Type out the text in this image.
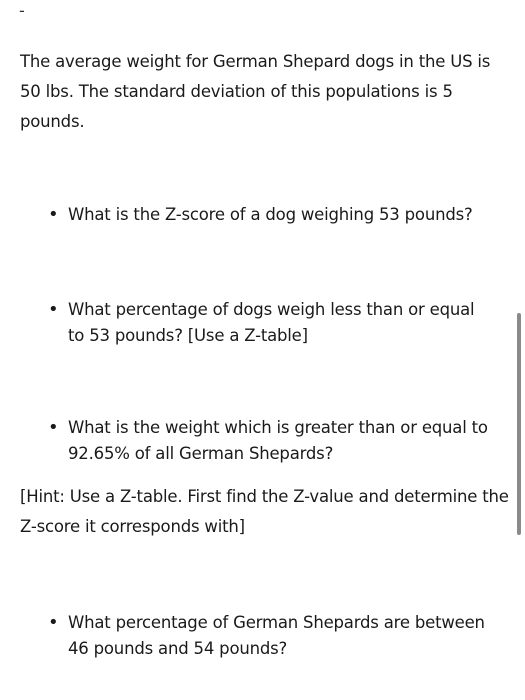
-

The average weight for German Shepard dogs in the US is 50 lbs. The standard deviation of this populations is 5 pounds.

• What is the Z-score of a dog weighing 53 pounds?
• What percentage of dogs weigh less than or equal to 53 pounds? [Use a Z-table]
• What is the weight which is greater than or equal to 92.65% of all German Shepards?

[Hint: Use a Z-table. First find the Z-value and determine the Z-score it corresponds with]

• What percentage of German Shepards are between 46 pounds and 54 pounds?
